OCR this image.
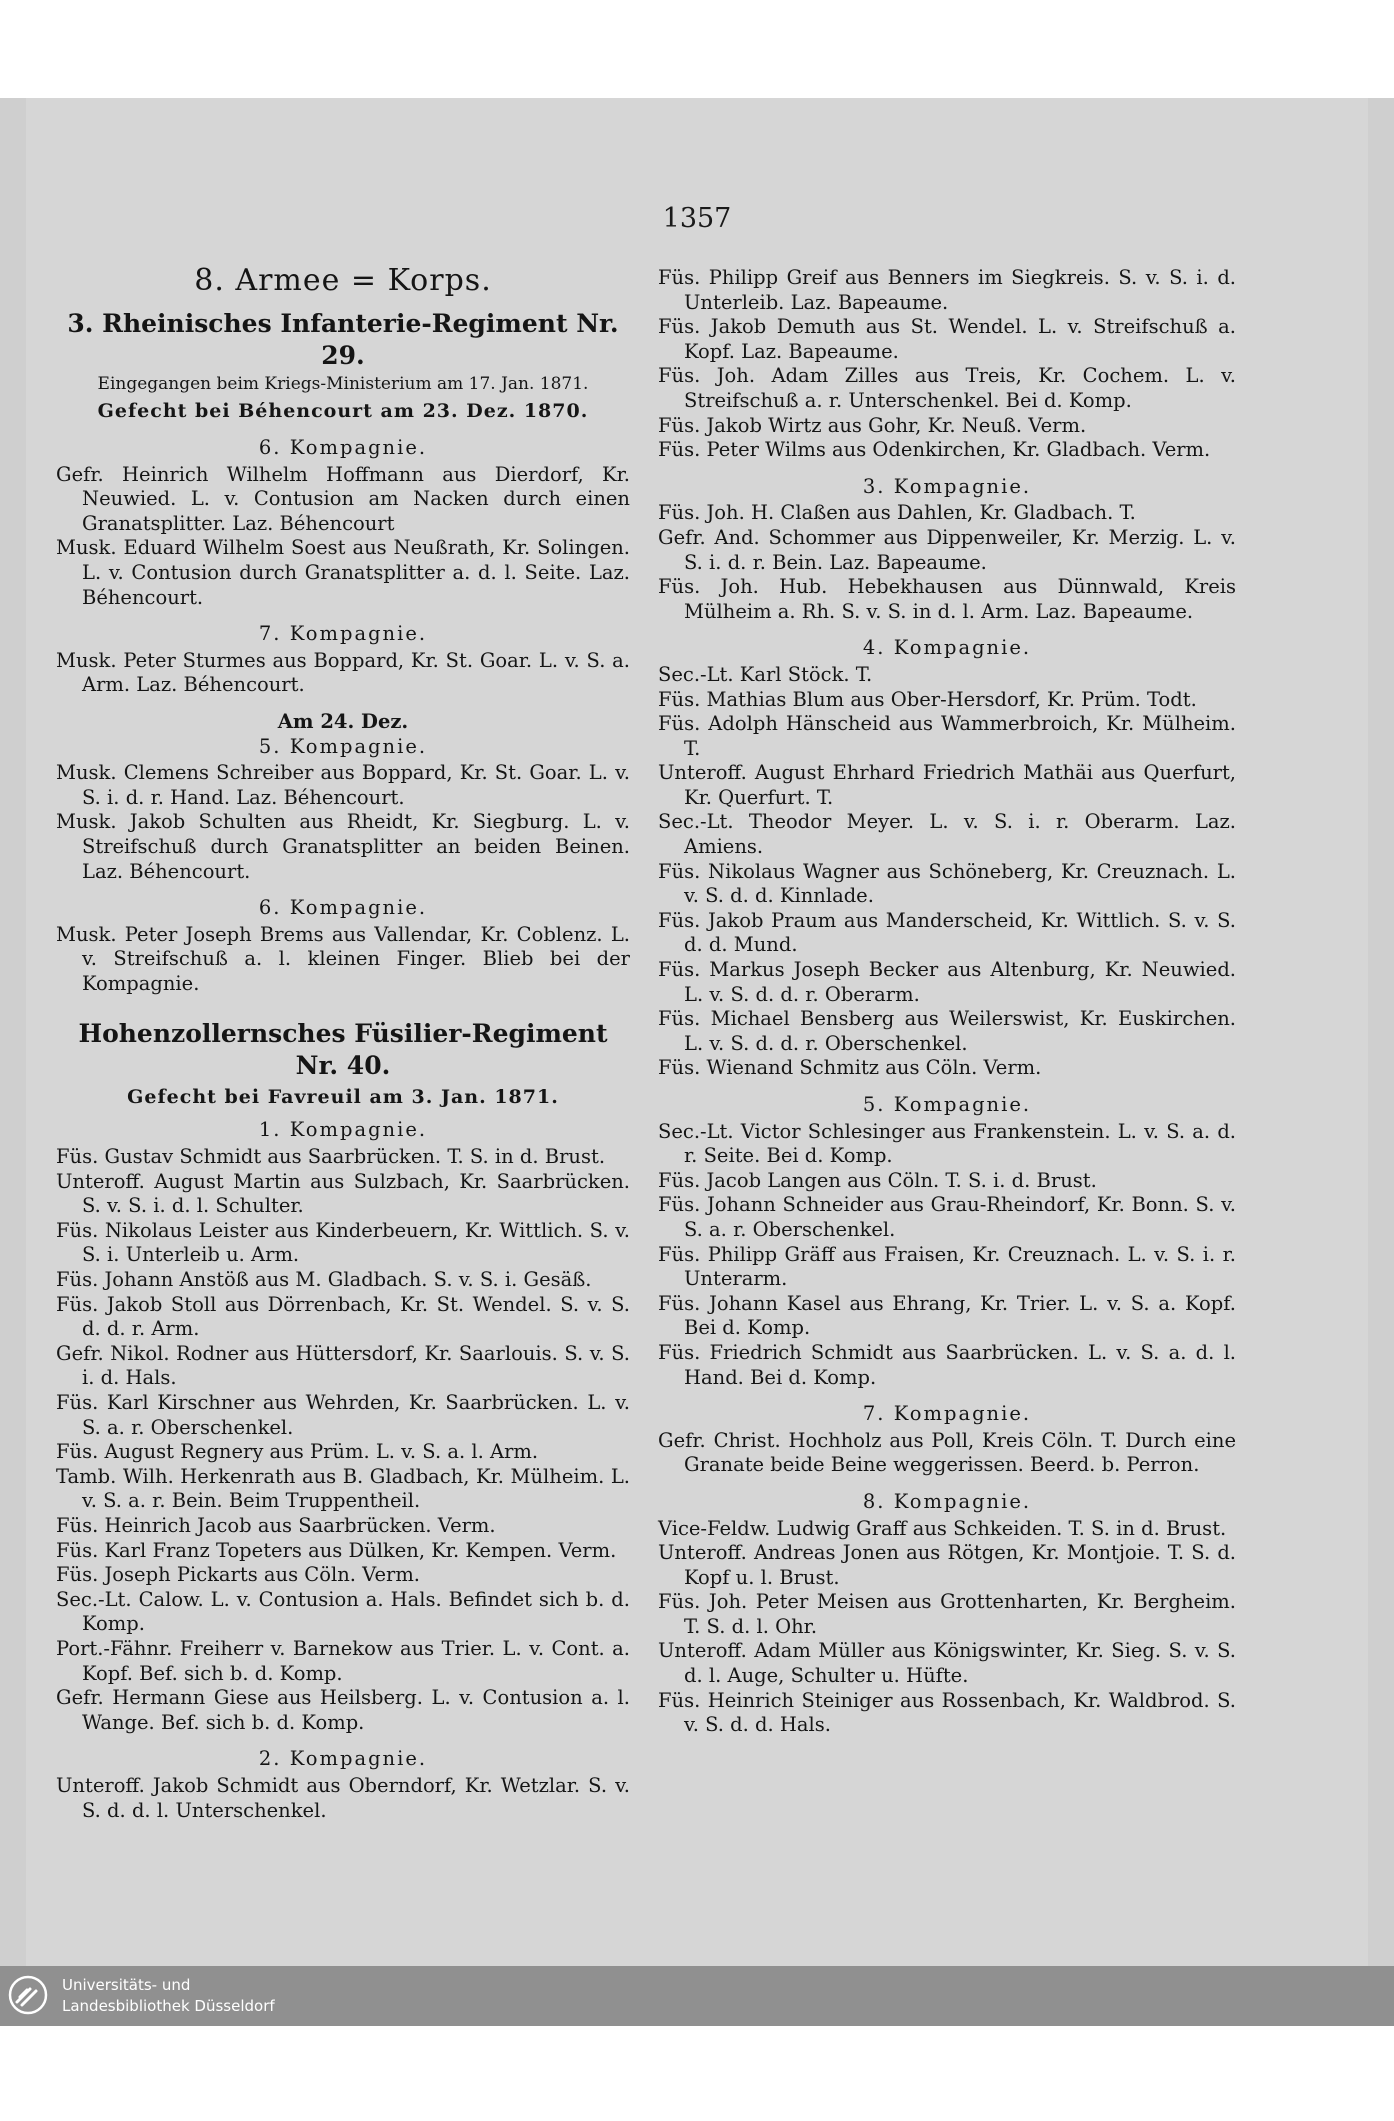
1357

8. Armee = Korps.

3. Rheinisches Infanterie-Regiment Nr. 29.

Eingegangen beim Kriegs-Ministerium am 17. Jan. 1871.

Gefecht bei Béhencourt am 23. Dez. 1870.

6. Kompagnie.

Gefr. Heinrich Wilhelm Hoffmann aus Dierdorf, Kr. Neuwied. L. v. Contusion am Nacken durch einen Granatsplitter. Laz. Béhencourt

Musk. Eduard Wilhelm Soest aus Neußrath, Kr. Solingen. L. v. Contusion durch Granatsplitter a. d. l. Seite. Laz. Béhencourt.

7. Kompagnie.

Musk. Peter Sturmes aus Boppard, Kr. St. Goar. L. v. S. a. Arm. Laz. Béhencourt.

Am 24. Dez.

5. Kompagnie.

Musk. Clemens Schreiber aus Boppard, Kr. St. Goar. L. v. S. i. d. r. Hand. Laz. Béhencourt.

Musk. Jakob Schulten aus Rheidt, Kr. Siegburg. L. v. Streifschuß durch Granatsplitter an beiden Beinen. Laz. Béhencourt.

6. Kompagnie.

Musk. Peter Joseph Brems aus Vallendar, Kr. Coblenz. L. v. Streifschuß a. l. kleinen Finger. Blieb bei der Kompagnie.

Hohenzollernsches Füsilier-Regiment Nr. 40.

Gefecht bei Favreuil am 3. Jan. 1871.

1. Kompagnie.

Füs. Gustav Schmidt aus Saarbrücken. T. S. in d. Brust.

Unteroff. August Martin aus Sulzbach, Kr. Saarbrücken. S. v. S. i. d. l. Schulter.

Füs. Nikolaus Leister aus Kinderbeuern, Kr. Wittlich. S. v. S. i. Unterleib u. Arm.

Füs. Johann Anstöß aus M. Gladbach. S. v. S. i. Gesäß.

Füs. Jakob Stoll aus Dörrenbach, Kr. St. Wendel. S. v. S. d. d. r. Arm.

Gefr. Nikol. Rodner aus Hüttersdorf, Kr. Saarlouis. S. v. S. i. d. Hals.

Füs. Karl Kirschner aus Wehrden, Kr. Saarbrücken. L. v. S. a. r. Oberschenkel.

Füs. August Regnery aus Prüm. L. v. S. a. l. Arm.

Tamb. Wilh. Herkenrath aus B. Gladbach, Kr. Mülheim. L. v. S. a. r. Bein. Beim Truppentheil.

Füs. Heinrich Jacob aus Saarbrücken. Verm.

Füs. Karl Franz Topeters aus Dülken, Kr. Kempen. Verm.

Füs. Joseph Pickarts aus Cöln. Verm.

Sec.-Lt. Calow. L. v. Contusion a. Hals. Befindet sich b. d. Komp.

Port.-Fähnr. Freiherr v. Barnekow aus Trier. L. v. Cont. a. Kopf. Bef. sich b. d. Komp.

Gefr. Hermann Giese aus Heilsberg. L. v. Contusion a. l. Wange. Bef. sich b. d. Komp.

2. Kompagnie.

Unteroff. Jakob Schmidt aus Oberndorf, Kr. Wetzlar. S. v. S. d. d. l. Unterschenkel.

Füs. Philipp Greif aus Benners im Siegkreis. S. v. S. i. d. Unterleib. Laz. Bapeaume.

Füs. Jakob Demuth aus St. Wendel. L. v. Streifschuß a. Kopf. Laz. Bapeaume.

Füs. Joh. Adam Zilles aus Treis, Kr. Cochem. L. v. Streifschuß a. r. Unterschenkel. Bei d. Komp.

Füs. Jakob Wirtz aus Gohr, Kr. Neuß. Verm.

Füs. Peter Wilms aus Odenkirchen, Kr. Gladbach. Verm.

3. Kompagnie.

Füs. Joh. H. Claßen aus Dahlen, Kr. Gladbach. T.

Gefr. And. Schommer aus Dippenweiler, Kr. Merzig. L. v. S. i. d. r. Bein. Laz. Bapeaume.

Füs. Joh. Hub. Hebekhausen aus Dünnwald, Kreis Mülheim a. Rh. S. v. S. in d. l. Arm. Laz. Bapeaume.

4. Kompagnie.

Sec.-Lt. Karl Stöck. T.

Füs. Mathias Blum aus Ober-Hersdorf, Kr. Prüm. Todt.

Füs. Adolph Hänscheid aus Wammerbroich, Kr. Mülheim. T.

Unteroff. August Ehrhard Friedrich Mathäi aus Querfurt, Kr. Querfurt. T.

Sec.-Lt. Theodor Meyer. L. v. S. i. r. Oberarm. Laz. Amiens.

Füs. Nikolaus Wagner aus Schöneberg, Kr. Creuznach. L. v. S. d. d. Kinnlade.

Füs. Jakob Praum aus Manderscheid, Kr. Wittlich. S. v. S. d. d. Mund.

Füs. Markus Joseph Becker aus Altenburg, Kr. Neuwied. L. v. S. d. d. r. Oberarm.

Füs. Michael Bensberg aus Weilerswist, Kr. Euskirchen. L. v. S. d. d. r. Oberschenkel.

Füs. Wienand Schmitz aus Cöln. Verm.

5. Kompagnie.

Sec.-Lt. Victor Schlesinger aus Frankenstein. L. v. S. a. d. r. Seite. Bei d. Komp.

Füs. Jacob Langen aus Cöln. T. S. i. d. Brust.

Füs. Johann Schneider aus Grau-Rheindorf, Kr. Bonn. S. v. S. a. r. Oberschenkel.

Füs. Philipp Gräff aus Fraisen, Kr. Creuznach. L. v. S. i. r. Unterarm.

Füs. Johann Kasel aus Ehrang, Kr. Trier. L. v. S. a. Kopf. Bei d. Komp.

Füs. Friedrich Schmidt aus Saarbrücken. L. v. S. a. d. l. Hand. Bei d. Komp.

7. Kompagnie.

Gefr. Christ. Hochholz aus Poll, Kreis Cöln. T. Durch eine Granate beide Beine weggerissen. Beerd. b. Perron.

8. Kompagnie.

Vice-Feldw. Ludwig Graff aus Schkeiden. T. S. in d. Brust.

Unteroff. Andreas Jonen aus Rötgen, Kr. Montjoie. T. S. d. Kopf u. l. Brust.

Füs. Joh. Peter Meisen aus Grottenharten, Kr. Bergheim. T. S. d. l. Ohr.

Unteroff. Adam Müller aus Königswinter, Kr. Sieg. S. v. S. d. l. Auge, Schulter u. Hüfte.

Füs. Heinrich Steiniger aus Rossenbach, Kr. Waldbrod. S. v. S. d. d. Hals.

Universitäts- und
Landesbibliothek Düsseldorf
